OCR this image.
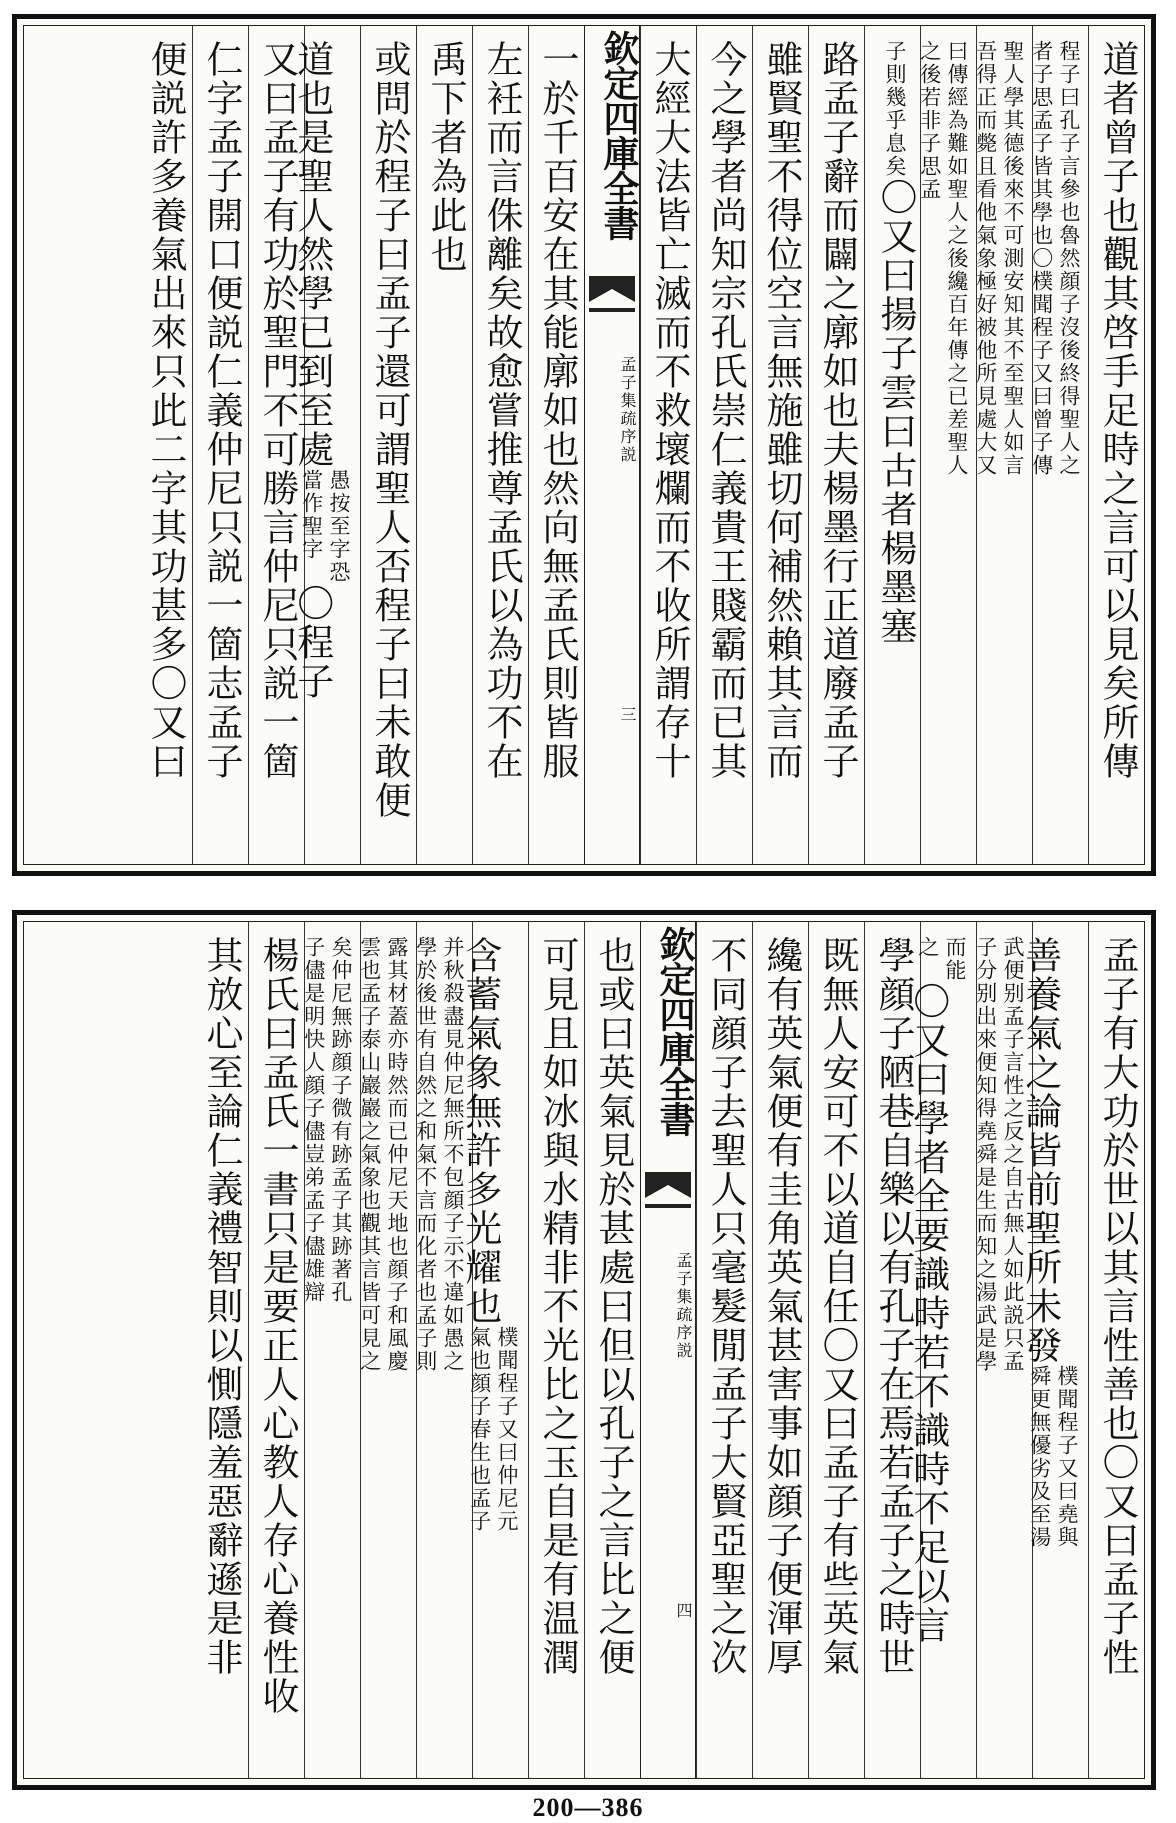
道者曾子也觀其啓手足時之言可以見矣所傳
程子曰孔子言參也魯然顔子沒後終得聖人之
者子思孟子皆其學也〇樸聞程子又曰曾子傳
聖人學其德後來不可測安知其不至聖人如言
吾得正而斃且看他氣象極好被他所見處大又
曰傳經為難如聖人之後纔百年傳之已差聖人
之後若非子思孟
子則幾乎息矣
〇又曰揚子雲曰古者楊墨塞
路孟子辭而闢之廓如也夫楊墨行正道廢孟子
雖賢聖不得位空言無施雖切何補然賴其言而
今之學者尚知宗孔氏崇仁義貴王賤霸而已其
大經大法皆亡滅而不救壞爛而不收所謂存十
欽定四庫全書
孟子集疏序説
三
一於千百安在其能廓如也然向無孟氏則皆服
左衽而言侏離矣故愈嘗推尊孟氏以為功不在
禹下者為此也
或問於程子曰孟子還可謂聖人否程子曰未敢便
道也是聖人然學已到至處
愚按至字恐
當作聖字
〇程子
又曰孟子有功於聖門不可勝言仲尼只説一箇
仁字孟子開口便説仁義仲尼只説一箇志孟子
便説許多養氣出來只此二字其功甚多〇又曰
孟子有大功於世以其言性善也〇又曰孟子性
善養氣之論皆前聖所未發
樸聞程子又曰堯與
舜更無優劣及至湯
武便别孟子言性之反之自古無人如此説只孟
子分别出來便知得堯舜是生而知之湯武是學
而能
之
〇又曰學者全要識時若不識時不足以言
學顔子陋巷自樂以有孔子在焉若孟子之時世
既無人安可不以道自任〇又曰孟子有些英氣
纔有英氣便有圭角英氣甚害事如顔子便渾厚
不同顔子去聖人只毫髮閒孟子大賢亞聖之次
欽定四庫全書
孟子集疏序説
四
也或曰英氣見於甚處曰但以孔子之言比之便
可見且如冰與水精非不光比之玉自是有温潤
含蓄氣象無許多光耀也
樸聞程子又曰仲尼元
氣也顔子春生也孟子
并秋殺盡見仲尼無所不包顔子示不違如愚之
學於後世有自然之和氣不言而化者也孟子則
露其材蓋亦時然而已仲尼天地也顔子和風慶
雲也孟子泰山巖巖之氣象也觀其言皆可見之
矣仲尼無跡顔子微有跡孟子其跡著孔
子儘是明快人顔子儘豈弟孟子儘雄辯
楊氏曰孟氏一書只是要正人心教人存心養性收
其放心至論仁義禮智則以惻隱羞惡辭遜是非
200—386
